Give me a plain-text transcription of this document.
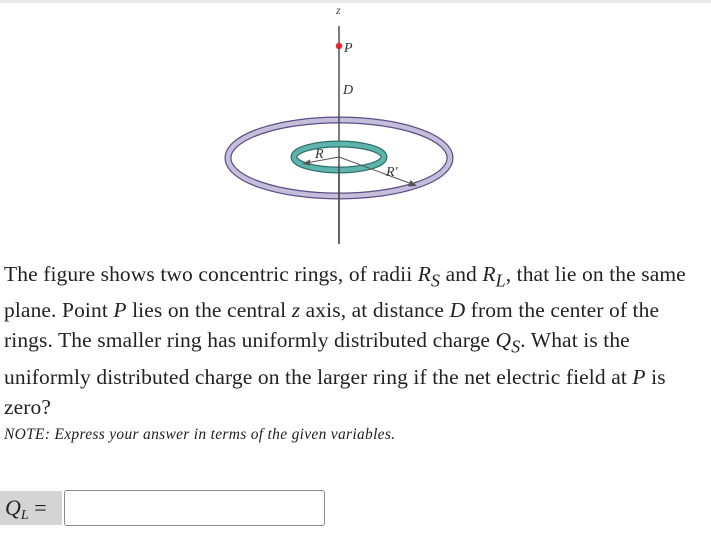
z
P
D
R
R'
The figure shows two concentric rings, of radii $R_S$ and $R_L$, that lie on the same plane. Point P lies on the central z axis, at distance D from the center of the rings. The smaller ring has uniformly distributed charge $Q_S$. What is the uniformly distributed charge on the larger ring if the net electric field at P is zero?
NOTE: Express your answer in terms of the given variables.
$Q_L$ =
